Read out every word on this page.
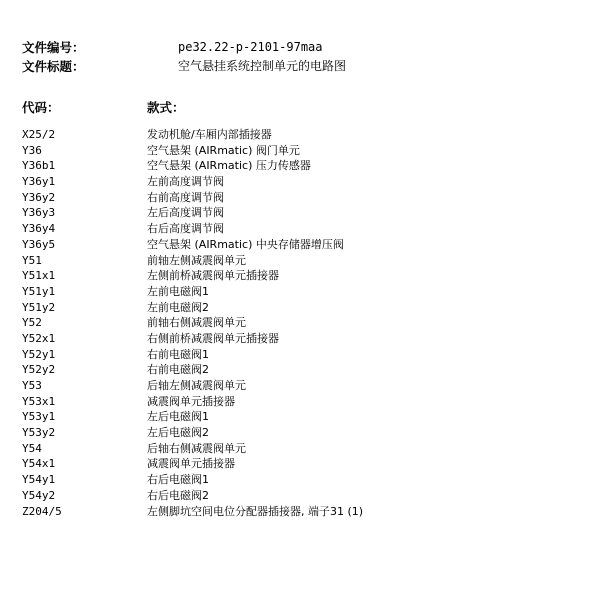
文件编号：	pe32.22-p-2101-97maa
文件标题：	空气悬挂系统控制单元的电路图
代码：	款式：
X25/2	发动机舱/车厢内部插接器
Y36	空气悬架 (AIRmatic) 阀门单元
Y36b1	空气悬架 (AIRmatic) 压力传感器
Y36y1	左前高度调节阀
Y36y2	右前高度调节阀
Y36y3	左后高度调节阀
Y36y4	右后高度调节阀
Y36y5	空气悬架 (AIRmatic) 中央存储器增压阀
Y51	前轴左侧减震阀单元
Y51x1	左侧前桥减震阀单元插接器
Y51y1	左前电磁阀1
Y51y2	左前电磁阀2
Y52	前轴右侧减震阀单元
Y52x1	右侧前桥减震阀单元插接器
Y52y1	右前电磁阀1
Y52y2	右前电磁阀2
Y53	后轴左侧减震阀单元
Y53x1	减震阀单元插接器
Y53y1	左后电磁阀1
Y53y2	左后电磁阀2
Y54	后轴右侧减震阀单元
Y54x1	减震阀单元插接器
Y54y1	右后电磁阀1
Y54y2	右后电磁阀2
Z204/5	左侧脚坑空间电位分配器插接器, 端子31 (1)
